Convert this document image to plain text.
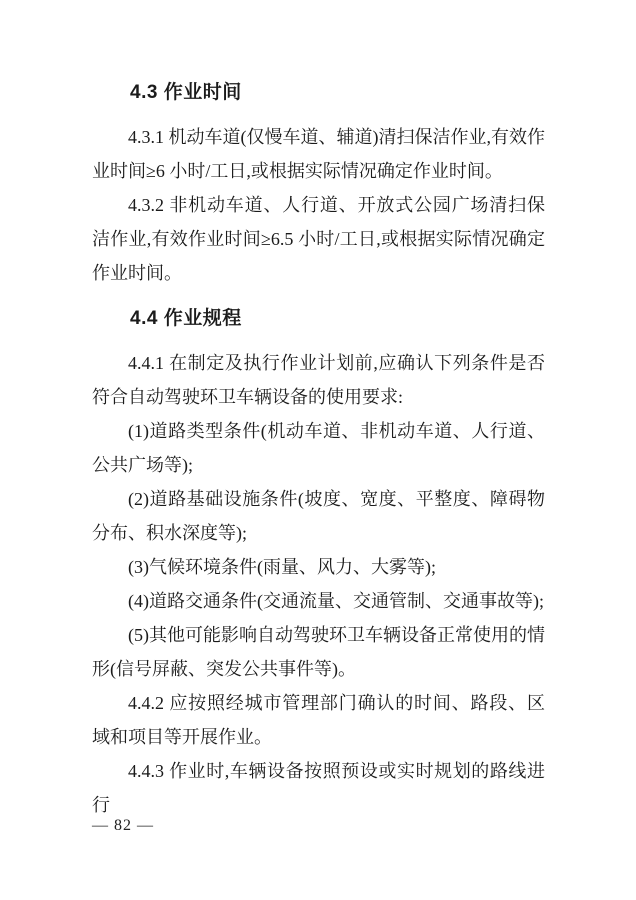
4.3 作业时间

4.3.1 机动车道(仅慢车道、辅道)清扫保洁作业,有效作业时间≥6 小时/工日,或根据实际情况确定作业时间。

4.3.2 非机动车道、人行道、开放式公园广场清扫保洁作业,有效作业时间≥6.5 小时/工日,或根据实际情况确定作业时间。

4.4 作业规程

4.4.1 在制定及执行作业计划前,应确认下列条件是否符合自动驾驶环卫车辆设备的使用要求:

(1)道路类型条件(机动车道、非机动车道、人行道、公共广场等);

(2)道路基础设施条件(坡度、宽度、平整度、障碍物分布、积水深度等);

(3)气候环境条件(雨量、风力、大雾等);

(4)道路交通条件(交通流量、交通管制、交通事故等);

(5)其他可能影响自动驾驶环卫车辆设备正常使用的情形(信号屏蔽、突发公共事件等)。

4.4.2 应按照经城市管理部门确认的时间、路段、区域和项目等开展作业。

4.4.3 作业时,车辆设备按照预设或实时规划的路线进行

— 82 —
